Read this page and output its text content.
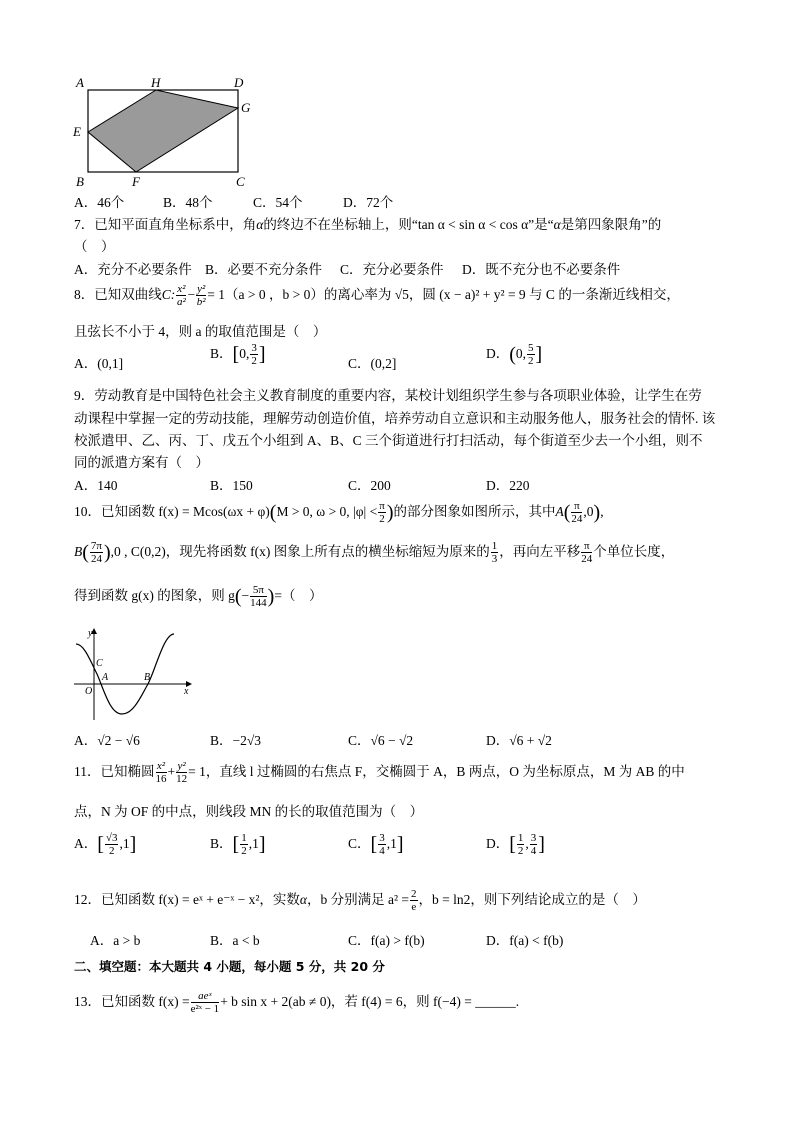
A	H	D
G
E
B	F	C
A．46个	B．48个	C．54个	D．72个
7．已知平面直角坐标系中，角α的终边不在坐标轴上，则“tan α < sin α < cos α”是“α是第四象限角”的
（　）
A．充分不必要条件 B．必要不充分条件 C．充分必要条件 D．既不充分也不必要条件
8．已知双曲线C: $\frac{\text{x²}}{\text{a²}} - \frac{\text{y²}}{\text{b²}} = 1(a > 0$ ，b > 0）的离心率为 √5，圆 (x − a)² + y² = 9 与 C 的一条渐近线相交，
且弦长不小于 4，则 a 的取值范围是（　）
A．(0,1]
B．[0, $\frac{3}{2}$ ]	C．(0,2]
D．(0, $\frac{5}{2}$ ]
9．劳动教育是中国特色社会主义教育制度的重要内容，某校计划组织学生参与各项职业体验，让学生在劳
动课程中掌握一定的劳动技能，理解劳动创造价值，培养劳动自立意识和主动服务他人，服务社会的情怀. 该
校派遣甲、乙、丙、丁、戊五个小组到 A、B、C 三个街道进行打扫活动，每个街道至少去一个小组，则不
同的派遣方案有（　）
A．140	B．150	C．200	D．220
10．已知函数 f(x) = Mcos(ωx + φ)(M > 0, ω > 0, $|\varphi| < \frac{\pi}{2}$ )的部分图象如图所示，其中$A( \frac{\pi}{24} ,0)$,
$B( \frac{7\pi}{24} ),0$ , C(0,2)，现先将函数 f(x) 图象上所有点的横坐标缩短为原来的 $\frac{1}{3}$ ，再向左平移 $\frac{\pi}{24}$ 个单位长度，
得到函数 g(x) 的图象，则 $g(- \frac{5\pi}{144}$ )=（　）
y
x
C
A
O
B
A．√2 − √6	B．−2√3	C．√6 − √2	D．√6 + √2
11．已知椭圆 $\frac{\text{x²}}{16} + \frac{\text{y²}}{12} = 1$，直线 l 过椭圆的右焦点 F，交椭圆于 A，B 两点，O 为坐标原点，M 为 AB 的中
点，N 为 OF 的中点，则线段 MN 的长的取值范围为（　）
A．[ $\frac{√3}{2} ,1$]	B．[ $\frac{1}{2} ,1$]	C．[ $\frac{3}{4} ,1$]	D．[ $\frac{1}{2}$ , $\frac{3}{4}$ ]
12．已知函数 f(x) = eˣ + e⁻ˣ − x²，实数α，b 分别满足 $a^2 = \frac{2}{e}$ ，b = ln2，则下列结论成立的是（　）
A．a > b	B．a < b	C．f(a) > f(b)	D．f(a) < f(b)
二、填空题：本大题共 4 小题，每小题 5 分，共 20 分
13．已知函数 $f(x) = \frac{\text{aeˣ}}{\text{e²ˣ − 1}} + b$ sin x + 2(ab ≠ 0)，若 f(4) = 6，则 f(−4) = ______.
